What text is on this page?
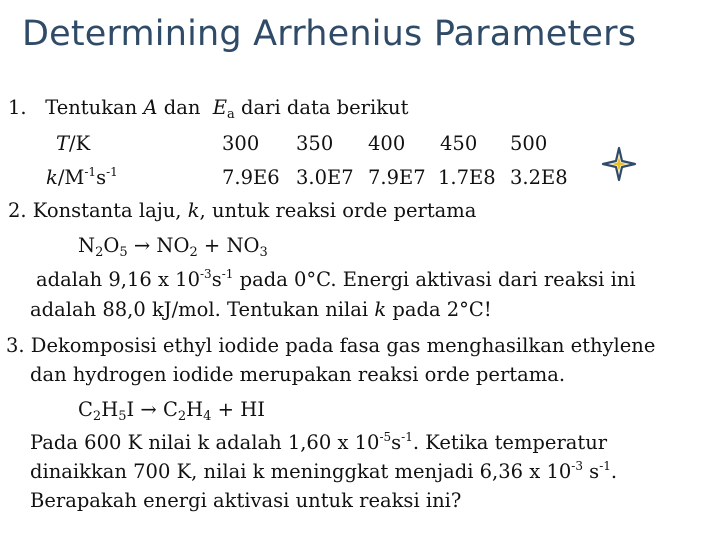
Determining Arrhenius Parameters
1. Tentukan A dan $E_a$ dari data berikut
T/K	300 350 400 450 500
$k/M^{-1}s^{-1}$	7.9E6 3.0E7 7.9E7 1.7E8 3.2E8
2. Konstanta laju, k, untuk reaksi orde pertama
$N_2O_5 \to NO_2 + NO_3$
adalah 9,16 x $10^{-3}s^{-1}$ pada 0°C. Energi aktivasi dari reaksi ini
adalah 88,0 kJ/mol. Tentukan nilai k pada 2°C!
3. Dekomposisi ethyl iodide pada fasa gas menghasilkan ethylene
dan hydrogen iodide merupakan reaksi orde pertama.
$C_2H_5I \to C_2H_4$ + HI
Pada 600 K nilai k adalah 1,60 x $10^{-5}s^{-1}$. Ketika temperatur
dinaikkan 700 K, nilai k meninggkat menjadi 6,36 x $10^{-3}$ $s^{-1}$.
Berapakah energi aktivasi untuk reaksi ini?
